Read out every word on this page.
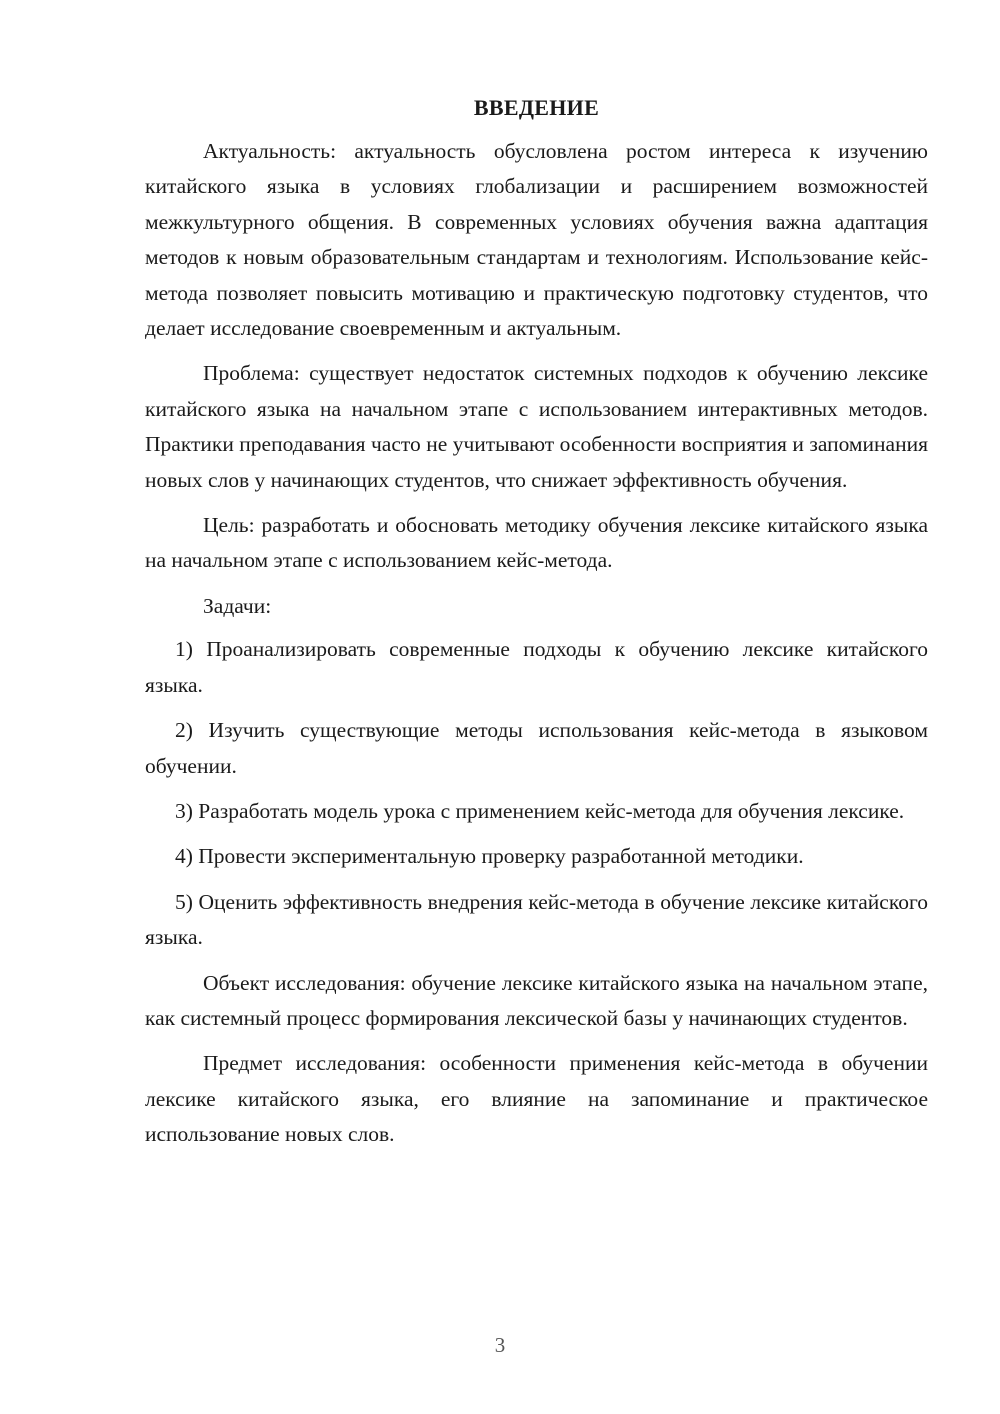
ВВЕДЕНИЕ

Актуальность: актуальность обусловлена ростом интереса к изучению китайского языка в условиях глобализации и расширением возможностей межкультурного общения. В современных условиях обучения важна адаптация методов к новым образовательным стандартам и технологиям. Использование кейс-метода позволяет повысить мотивацию и практическую подготовку студентов, что делает исследование своевременным и актуальным.

Проблема: существует недостаток системных подходов к обучению лексике китайского языка на начальном этапе с использованием интерактивных методов. Практики преподавания часто не учитывают особенности восприятия и запоминания новых слов у начинающих студентов, что снижает эффективность обучения.

Цель: разработать и обосновать методику обучения лексике китайского языка на начальном этапе с использованием кейс-метода.

Задачи:

1) Проанализировать современные подходы к обучению лексике китайского языка.

2) Изучить существующие методы использования кейс-метода в языковом обучении.

3) Разработать модель урока с применением кейс-метода для обучения лексике.

4) Провести экспериментальную проверку разработанной методики.

5) Оценить эффективность внедрения кейс-метода в обучение лексике китайского языка.

Объект исследования: обучение лексике китайского языка на начальном этапе, как системный процесс формирования лексической базы у начинающих студентов.

Предмет исследования: особенности применения кейс-метода в обучении лексике китайского языка, его влияние на запоминание и практическое использование новых слов.

3
